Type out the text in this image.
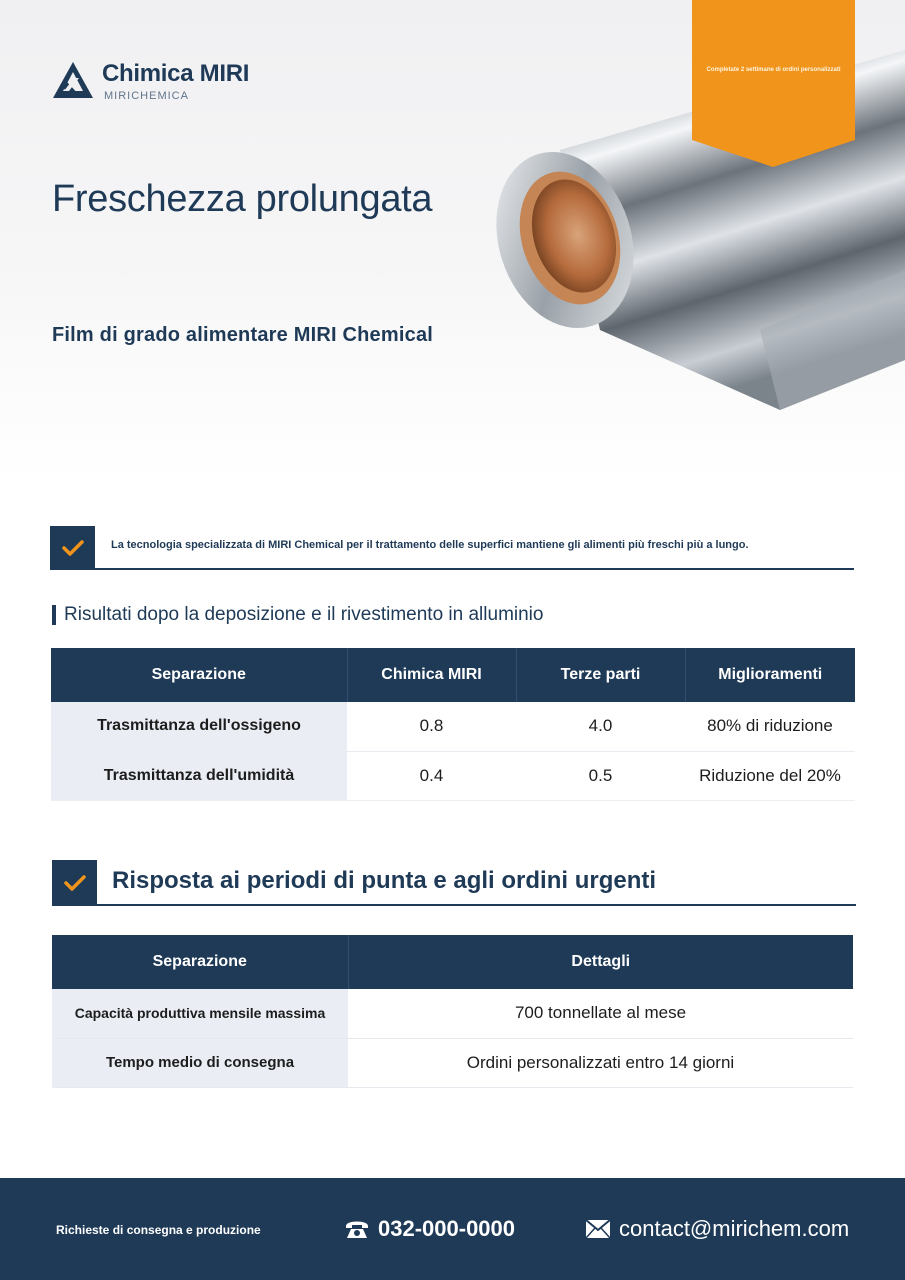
Chimica MIRI
MIRICHEMICA
Freschezza prolungata
Film di grado alimentare MIRI Chemical
Completate 2 settimane di ordini personalizzati
La tecnologia specializzata di MIRI Chemical per il trattamento delle superfici mantiene gli alimenti più freschi più a lungo.
Risultati dopo la deposizione e il rivestimento in alluminio
Separazione	Chimica MIRI	Terze parti	Miglioramenti
Trasmittanza dell'ossigeno	0.8	4.0	80% di riduzione
Trasmittanza dell'umidità	0.4	0.5	Riduzione del 20%
Risposta ai periodi di punta e agli ordini urgenti
Separazione	Dettagli
Capacità produttiva mensile massima	700 tonnellate al mese
Tempo medio di consegna	Ordini personalizzati entro 14 giorni
Richieste di consegna e produzione	032-000-0000	contact@mirichem.com
